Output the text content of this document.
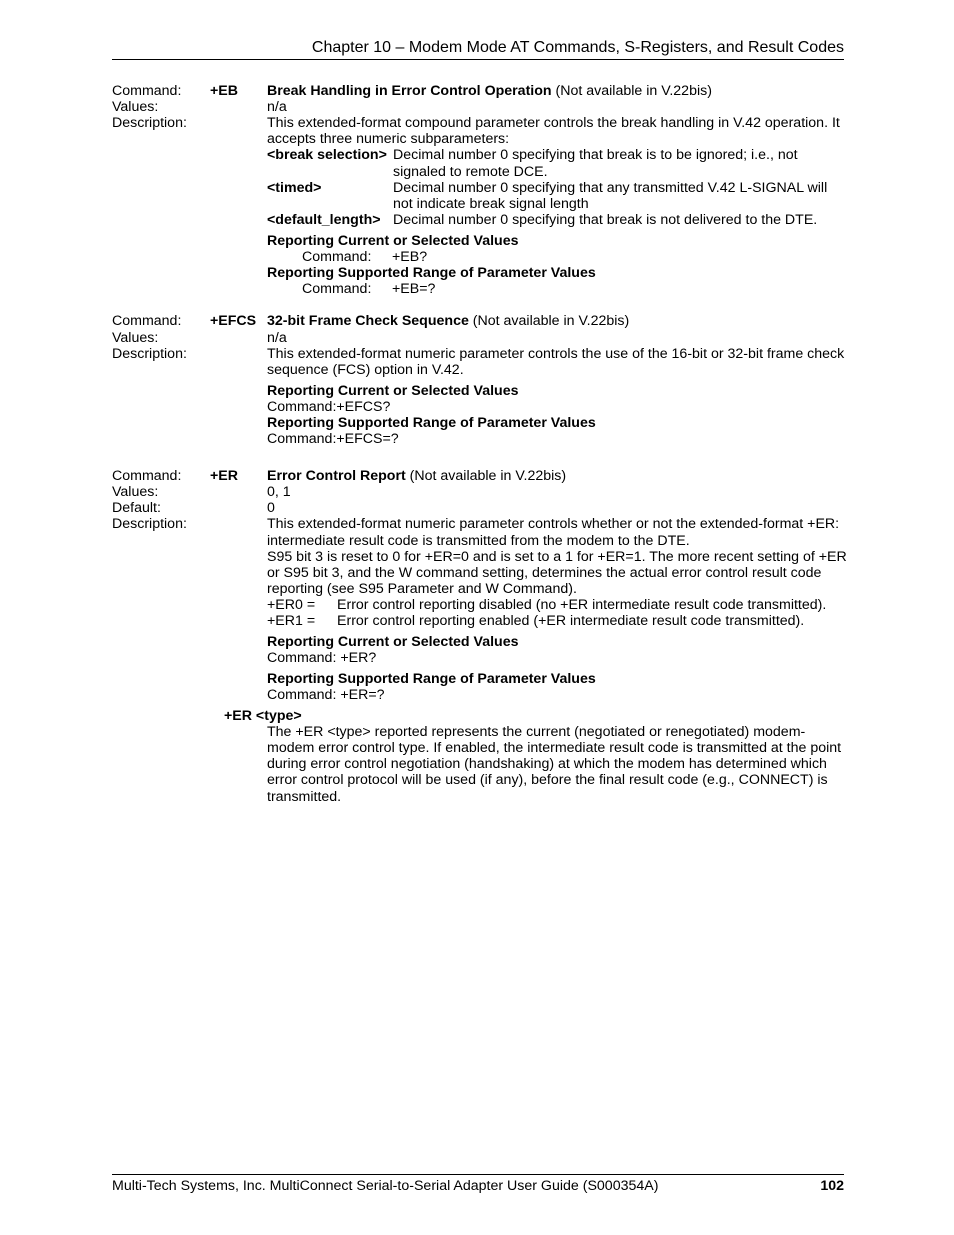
Chapter 10 – Modem Mode AT Commands, S-Registers, and Result Codes
Command: +EB Break Handling in Error Control Operation (Not available in V.22bis)
Values:	n/a
Description:	This extended-format compound parameter controls the break handling in V.42 operation. It
accepts three numeric subparameters:
<break selection> Decimal number 0 specifying that break is to be ignored; i.e., not
signaled to remote DCE.
<timed>	Decimal number 0 specifying that any transmitted V.42 L-SIGNAL will
not indicate break signal length
<default_length> Decimal number 0 specifying that break is not delivered to the DTE.
Reporting Current or Selected Values
Command: +EB?
Reporting Supported Range of Parameter Values
Command: +EB=?
Command: +EFCS 32-bit Frame Check Sequence (Not available in V.22bis)
Values:	n/a
Description:	This extended-format numeric parameter controls the use of the 16-bit or 32-bit frame check
sequence (FCS) option in V.42.
Reporting Current or Selected Values
Command:+EFCS?
Reporting Supported Range of Parameter Values
Command:+EFCS=?
Command: +ER Error Control Report (Not available in V.22bis)
Values:	0, 1
Default:	0
Description:	This extended-format numeric parameter controls whether or not the extended-format +ER:
intermediate result code is transmitted from the modem to the DTE.
S95 bit 3 is reset to 0 for +ER=0 and is set to a 1 for +ER=1. The more recent setting of +ER
or S95 bit 3, and the W command setting, determines the actual error control result code
reporting (see S95 Parameter and W Command).
+ER0 = Error control reporting disabled (no +ER intermediate result code transmitted).
+ER1 = Error control reporting enabled (+ER intermediate result code transmitted).
Reporting Current or Selected Values
Command: +ER?
Reporting Supported Range of Parameter Values
Command: +ER=?
+ER <type>
The +ER <type> reported represents the current (negotiated or renegotiated) modem-
modem error control type. If enabled, the intermediate result code is transmitted at the point
during error control negotiation (handshaking) at which the modem has determined which
error control protocol will be used (if any), before the final result code (e.g., CONNECT) is
transmitted.
Multi-Tech Systems, Inc. MultiConnect Serial-to-Serial Adapter User Guide (S000354A)	102
